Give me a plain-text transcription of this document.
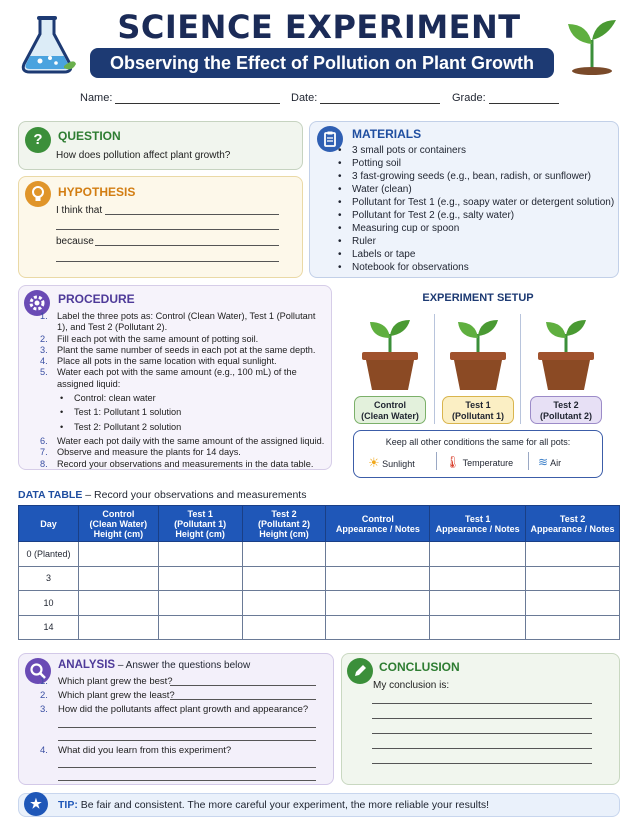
SCIENCE EXPERIMENT
Observing the Effect of Pollution on Plant Growth
Name:	Date:	Grade:
?	QUESTION
How does pollution affect plant growth?
HYPOTHESIS
I think that
because
MATERIALS
• 3 small pots or containers
• Potting soil
• 3 fast-growing seeds (e.g., bean, radish, or sunflower)
• Water (clean)
• Pollutant for Test 1 (e.g., soapy water or detergent solution)
• Pollutant for Test 2 (e.g., salty water)
• Measuring cup or spoon
• Ruler
• Labels or tape
• Notebook for observations
PROCEDURE
1. Label the three pots as: Control (Clean Water), Test 1 (Pollutant 1), and Test 2 (Pollutant 2).
2. Fill each pot with the same amount of potting soil.
3. Plant the same number of seeds in each pot at the same depth.
4. Place all pots in the same location with equal sunlight.
5. Water each pot with the same amount (e.g., 100 mL) of the assigned liquid:
• Control: clean water
• Test 1: Pollutant 1 solution
• Test 2: Pollutant 2 solution
6. Water each pot daily with the same amount of the assigned liquid.
7. Observe and measure the plants for 14 days.
8. Record your observations and measurements in the data table.
EXPERIMENT SETUP
Control
(Clean Water)
Test 1
(Pollutant 1)
Test 2
(Pollutant 2)
Keep all other conditions the same for all pots:
☀ Sunlight	🌡 Temperature ≋ Air
DATA TABLE – Record your observations and measurements
Day	Control
(Clean Water)
Height (cm)	Test 1
(Pollutant 1)
Height (cm)	Test 2
(Pollutant 2)
Height (cm)	Control
Appearance / Notes	Test 1
Appearance / Notes	Test 2
Appearance / Notes
0 (Planted)						
3						
10						
14						
ANALYSIS – Answer the questions below
1. Which plant grew the best?
2. Which plant grew the least?
3. How did the pollutants affect plant growth and appearance?
4. What did you learn from this experiment?
CONCLUSION
My conclusion is:
★	TIP: Be fair and consistent. The more careful your experiment, the more reliable your results!
